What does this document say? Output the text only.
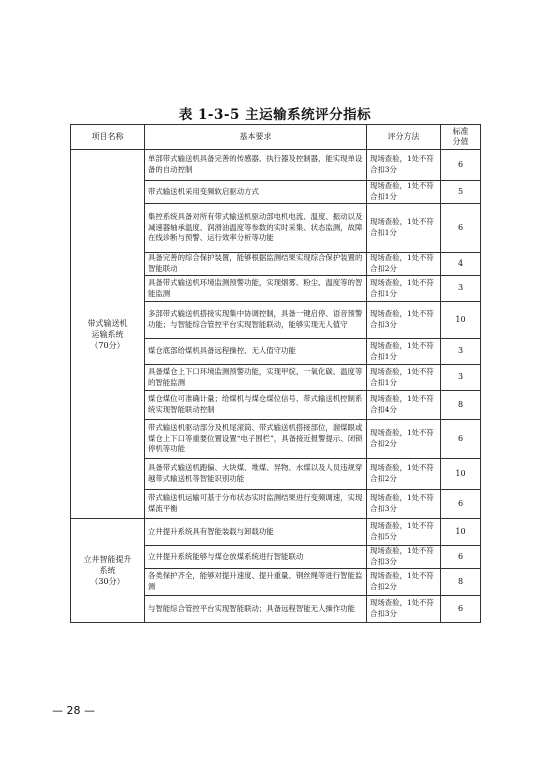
表 1-3-5 主运输系统评分指标
项目名称	基本要求	评分方法	标准
分值
带式输送机
运输系统
（70分）	单部带式输送机具备完善的传感器、执行器及控制器，能实现单设备的自动控制	现场查验，1处不符合扣3分	6
	带式输送机采用变频软启驱动方式	现场查验，1处不符合扣1分	5
	集控系统具备对所有带式输送机驱动部电机电流、温度、振动以及减速器轴承温度、润滑油温度等参数的实时采集、状态监测，故障在线诊断与预警、运行效率分析等功能	现场查验，1处不符合扣1分	6
	具备完善的综合保护装置，能够根据监测结果实现综合保护装置的智能联动	现场查验，1处不符合扣2分	4
	具备带式输送机环境监测预警功能，实现烟雾、粉尘、温度等的智能监测	现场查验，1处不符合扣1分	3
	多部带式输送机搭接实现集中协调控制，具备一键启停、语音预警功能；与智能综合管控平台实现智能联动，能够实现无人值守	现场查验，1处不符合扣3分	10
	煤仓底部给煤机具备远程操控、无人值守功能	现场查验，1处不符合扣1分	3
	具备煤仓上下口环境监测预警功能，实现甲烷、一氧化碳、温度等的智能监测	现场查验，1处不符合扣1分	3
	煤仓煤位可准确计量；给煤机与煤仓煤位信号、带式输送机控制系统实现智能联动控制	现场查验，1处不符合扣4分	8
	带式输送机驱动部分及机尾滚筒、带式输送机搭接部位，溜煤眼或煤仓上下口等重要位置设置“电子围栏”，具备接近报警提示、闭锁停机等功能	现场查验，1处不符合扣2分	6
	具备带式输送机跑偏、大块煤、堆煤、异物、水煤以及人员违规穿越带式输送机等智能识别功能	现场查验，1处不符合扣2分	10
	带式输送机运输可基于分布状态实时监测结果进行变频调速，实现煤流平衡	现场查验，1处不符合扣3分	6
立井智能提升
系统
（30分）	立井提升系统具有智能装载与卸载功能	现场查验，1处不符合扣5分	10
	立井提升系统能够与煤仓放煤系统进行智能联动	现场查验，1处不符合扣3分	6
	各类保护齐全，能够对提升速度、提升重量、钢丝绳等进行智能监测	现场查验，1处不符合扣2分	8
	与智能综合管控平台实现智能联动；具备远程智能无人操作功能	现场查验，1处不符合扣3分	6
— 28 —
